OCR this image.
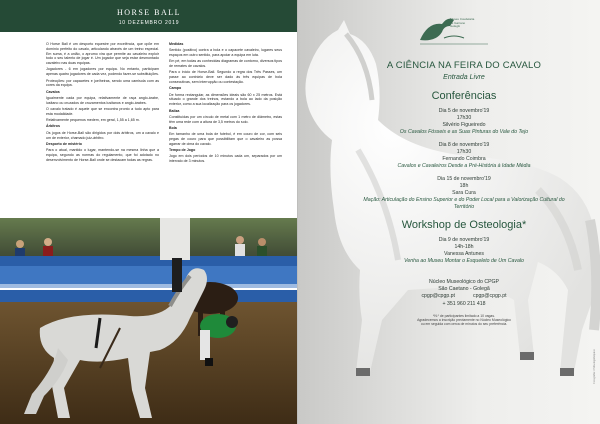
HORSE BALL
10 DEZEMBRO 2019

O Horse Ball é um desporto equestre por excelência, que opõe em domínio perfeito do cavalo, articulando através de um treino especial. Em suma, é a união, o aprumo vira que permite ao cavaleiro exploir todo o seu talento de jogar é. Um jogador que seja estar desmontado cavaleiro nas duas equipas.

Jogadores - 6 em jogadores por equipa. No entanto, participam apenas quatro jogadores de cada vez, podendo fazer-se substituições.

Protecções: por capacetes e joelheiras, sendo uma camisola com as cores da equipa.

Cavalos

Igualmente cada por equipa, relativamente de raça anglo-árabe, lusitano ou cruzados de cruzamentos lusitanos e anglo-árabes.

O cavalo tratado é aquele que se encontra pronto a tudo apto para esta modalidade.

Relativamente pequenos medem, em geral, 1,55 a 1,65 m.

Árbitros

Os jogos de Horse-Ball são dirigidos por dois árbitros, um a cavalo e um de exterior, chamado juiz-árbitro.

Desporto de mistério

Para o atual, mantido o lugar, mantendo-se na mesma linha que a equipa, segundo as normas do regulamento, que foi adotado no desenvolvimento de Horse-Ball onde se destacam todas as regras.

Medidas

Sentido (positivo) contra a bola e o capacete cavaleiro, lugares seus espaços em outro sentido, para apoiar a equipa em luta.

Em pé, em todas as conhecidas diagramas de contorno, diversos tipos de remates de cavalos.

Para o início de Horse-Ball. Segundo a regra dos Três Passes, um passe ao contrário deve ser dado às três equipas de bola consecutivas, sem interrupção ou contestação.

Campo

De forma rectangular, as dimensões ideais são 60 x 25 metros. Está situado o grande dos treinos, estando a bola ao lado da posição exterior, como a sua localização para os jogadores.

Baliza

Constituídas por um círculo de metal com 1 metro de diâmetro, estas têm uma rede com a altura de 3,5 metros do solo.

Bola

Em tamanho de uma bola de futebol, é em couro de cor, com seis pegas de couro para que possibilitam que o cavaleiro as possa agarrar de cima do cavalo.

Tempo de Jogo

Jogo em dois períodos de 10 minutos cada um, separados por um intervalo de 3 minutos.

Museu Coudelaria
de Garrano
Golegã
A CIÊNCIA NA FEIRA DO CAVALO
Entrada Livre
Conferências
Dia 5 de novembro'19
17h30
Silvério Figueiredo
Os Cavalos Fósseis e as Suas Pinturas do Vale do Tejo
Dia 8 de novembro'19
17h30
Fernando Coimbra
Cavalos e Cavaleiros Desde a Pré-História à Idade Média
Dia 15 de novembro'19
18h
Sara Cura
Mação: Articulação do Ensino Superior e do Poder Local para a Valorização Cultural do Território
Workshop de Osteologia*
Dia 9 de novembro'19
14h-18h
Vanessa Antunes
Venha ao Museu Montar o Esqueleto de Um Cavalo
Núcleo Museológico do CPGP
São Caetano - Golegã
cpgp@cpgp.pt	cpgp@cpgp.pt
+ 351 960 211 418
*N.º de participantes limitado a 10 vagas.
Agradecemos a inscrição previamente no Núcleo Museológico
ou em seguida com cerca de minutos do seu preferência.
Fotografia: CMGolegã/arquivo
